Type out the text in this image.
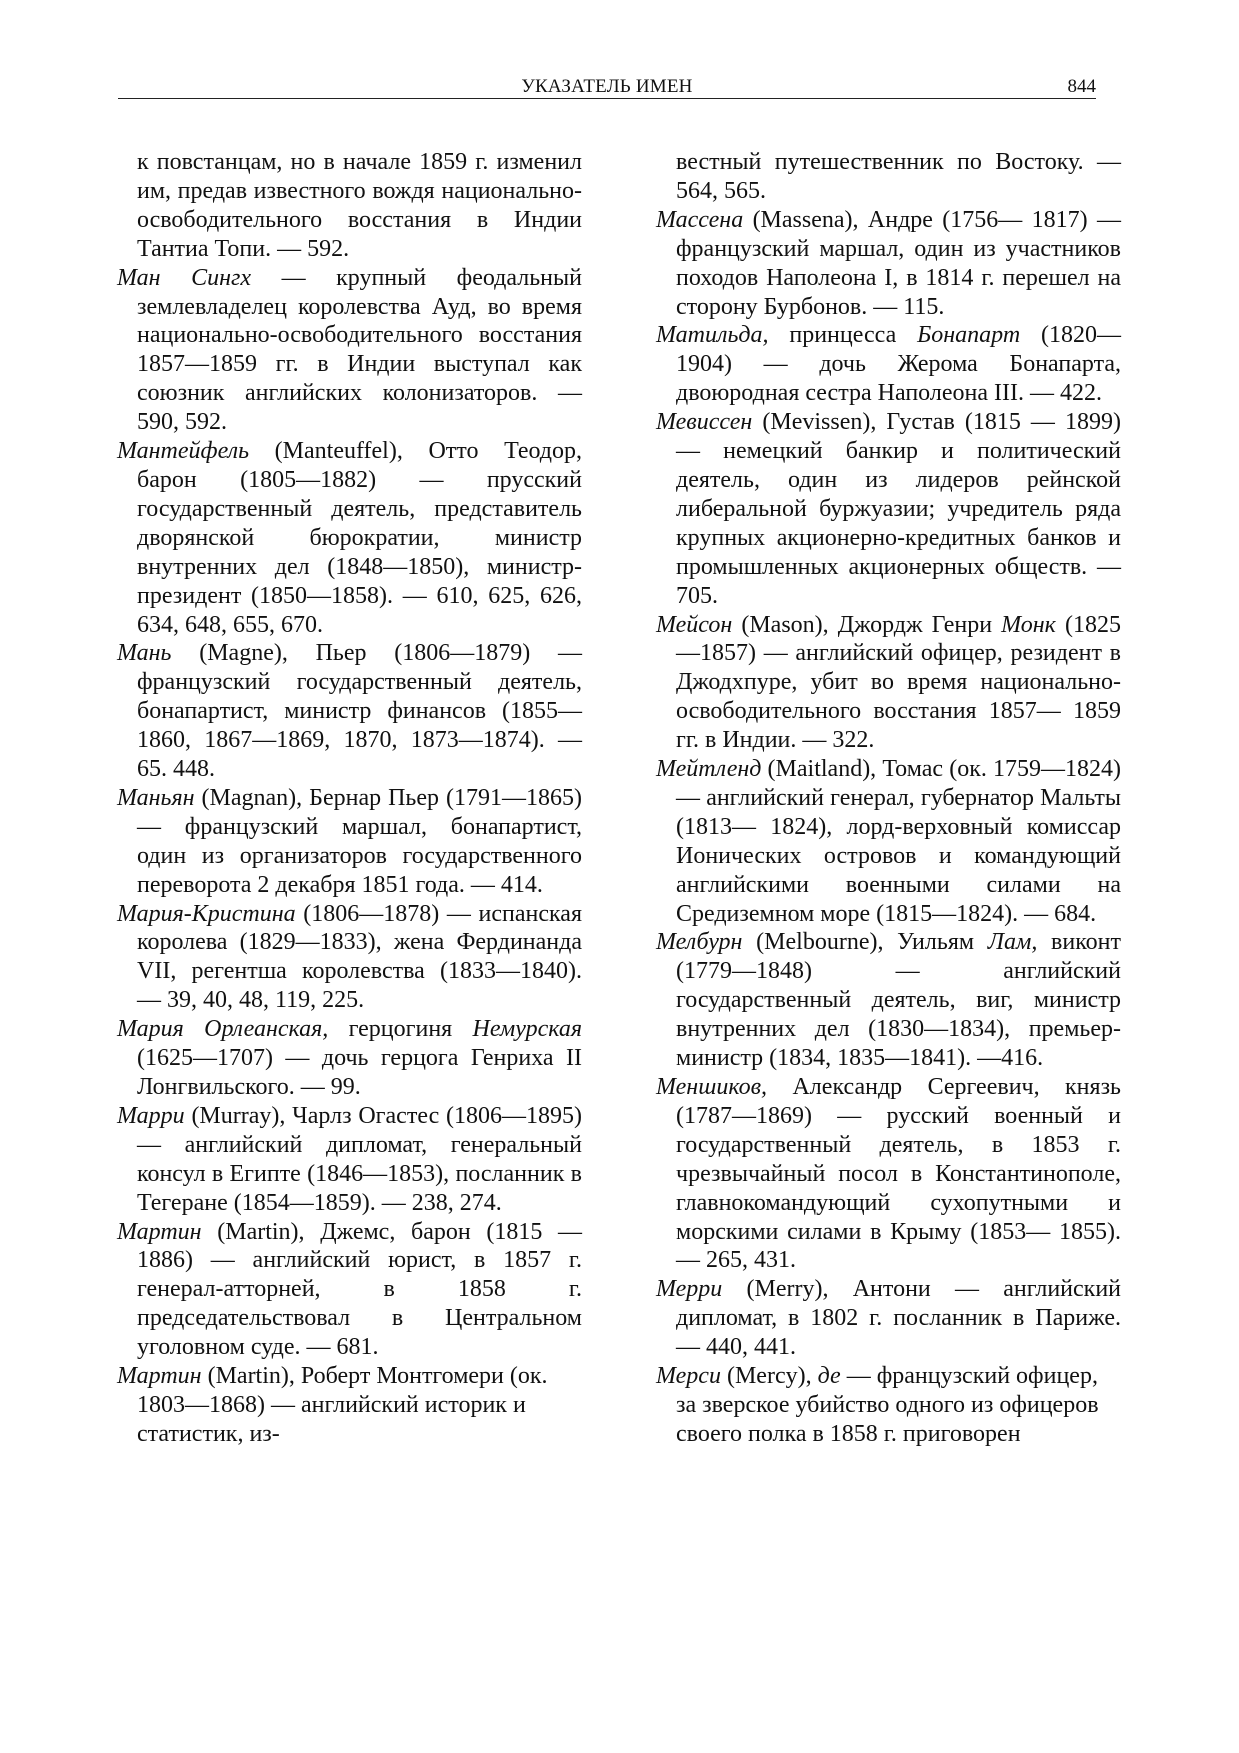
УКАЗАТЕЛЬ ИМЕН	844

к повстанцам, но в начале 1859 г. изменил им, предав известного вождя национально-освободительного восстания в Индии Тантиа Топи. — 592.

Ман Сингх — крупный феодальный землевладелец королевства Ауд, во время национально-освободительного восстания 1857—1859 гг. в Индии выступал как союзник английских колонизаторов. — 590, 592.

Мантейфель (Manteuffel), Отто Теодор, барон (1805—1882) — прусский государственный деятель, представитель дворянской бюрократии, министр внутренних дел (1848—1850), министр-президент (1850—1858). — 610, 625, 626, 634, 648, 655, 670.

Мань (Magne), Пьер (1806—1879) — французский государственный деятель, бонапартист, министр финансов (1855—1860, 1867—1869, 1870, 1873—1874). — 65. 448.

Маньян (Magnan), Бернар Пьер (1791—1865) — французский маршал, бонапартист, один из организаторов государственного переворота 2 декабря 1851 года. — 414.

Мария-Кристина (1806—1878) — испанская королева (1829—1833), жена Фердинанда VII, регентша королевства (1833—1840). — 39, 40, 48, 119, 225.

Мария Орлеанская, герцогиня Немурская (1625—1707) — дочь герцога Генриха II Лонгвильского. — 99.

Марри (Murray), Чарлз Огастес (1806—1895) — английский дипломат, генеральный консул в Египте (1846—1853), посланник в Тегеране (1854—1859). — 238, 274.

Мартин (Martin), Джемс, барон (1815 — 1886) — английский юрист, в 1857 г. генерал-атторней, в 1858 г. председательствовал в Центральном уголовном суде. — 681.

Мартин (Martin), Роберт Монтгомери (ок. 1803—1868) — английский историк и статистик, из-

вестный путешественник по Востоку. — 564, 565.

Массена (Massena), Андре (1756— 1817) — французский маршал, один из участников походов Наполеона I, в 1814 г. перешел на сторону Бурбонов. — 115.

Матильда, принцесса Бонапарт (1820—1904) — дочь Жерома Бонапарта, двоюродная сестра Наполеона III. — 422.

Мевиссен (Mevissen), Густав (1815 — 1899) — немецкий банкир и политический деятель, один из лидеров рейнской либеральной буржуазии; учредитель ряда крупных акционерно-кредитных банков и промышленных акционерных обществ. — 705.

Мейсон (Mason), Джордж Генри Монк (1825—1857) — английский офицер, резидент в Джодхпуре, убит во время национально-освободительного восстания 1857— 1859 гг. в Индии. — 322.

Мейтленд (Maitland), Томас (ок. 1759—1824) — английский генерал, губернатор Мальты (1813— 1824), лорд-верховный комиссар Ионических островов и командующий английскими военными силами на Средиземном море (1815—1824). — 684.

Мелбурн (Melbourne), Уильям Лам, виконт (1779—1848) — английский государственный деятель, виг, министр внутренних дел (1830—1834), премьер-министр (1834, 1835—1841). —416.

Меншиков, Александр Сергеевич, князь (1787—1869) — русский военный и государственный деятель, в 1853 г. чрезвычайный посол в Константинополе, главнокомандующий сухопутными и морскими силами в Крыму (1853— 1855). — 265, 431.

Мерри (Merry), Антони — английский дипломат, в 1802 г. посланник в Париже. — 440, 441.

Мерси (Mercy), де — французский офицер, за зверское убийство одного из офицеров своего полка в 1858 г. приговорен
